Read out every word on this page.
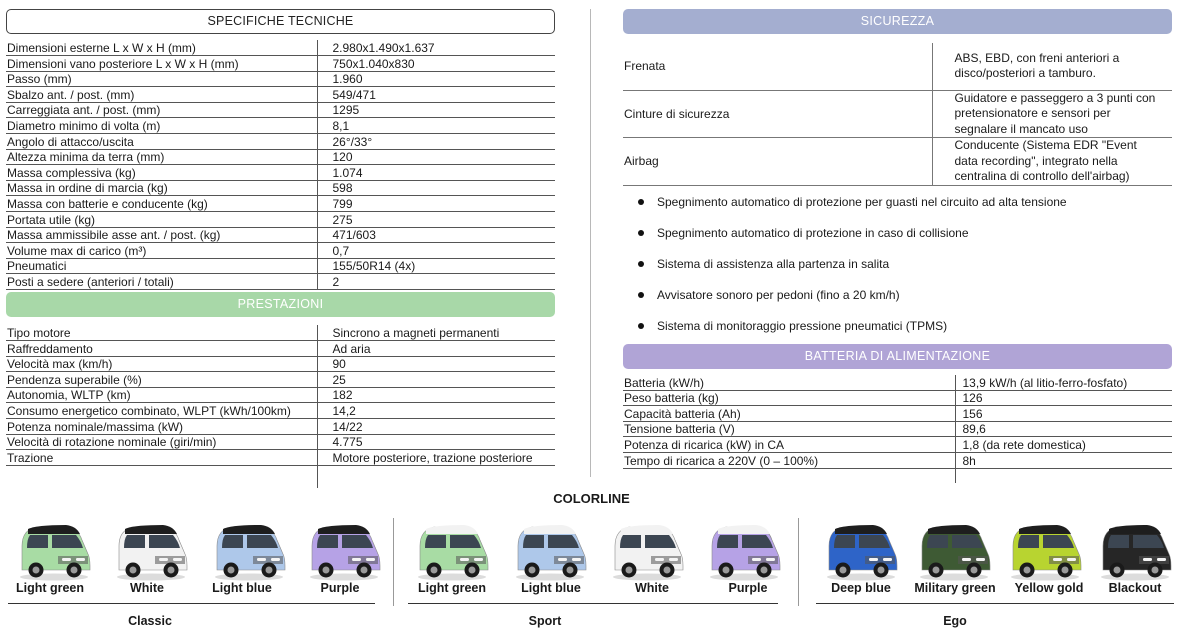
SPECIFICHE TECNICHE
Dimensioni esterne L x W x H (mm)	2.980x1.490x1.637
Dimensioni vano posteriore L x W x H (mm)	750x1.040x830
Passo (mm)	1.960
Sbalzo ant. / post. (mm)	549/471
Carreggiata ant. / post. (mm)	1295
Diametro minimo di volta (m)	8,1
Angolo di attacco/uscita	26°/33°
Altezza minima da terra (mm)	120
Massa complessiva (kg)	1.074
Massa in ordine di marcia (kg)	598
Massa con batterie e conducente (kg)	799
Portata utile (kg)	275
Massa ammissibile asse ant. / post. (kg)	471/603
Volume max di carico (m³)	0,7
Pneumatici	155/50R14 (4x)
Posti a sedere (anteriori / totali)	2
PRESTAZIONI
Tipo motore	Sincrono a magneti permanenti
Raffreddamento	Ad aria
Velocità max (km/h)	90
Pendenza superabile (%)	25
Autonomia, WLTP (km)	182
Consumo energetico combinato, WLPT (kWh/100km)	14,2
Potenza nominale/massima (kW)	14/22
Velocità di rotazione nominale (giri/min)	4.775
Trazione	Motore posteriore, trazione posteriore
SICUREZZA
Frenata	ABS, EBD, con freni anteriori a
disco/posteriori a tamburo.

Cinture di sicurezza	Guidatore e passeggero a 3 punti con
pretensionatore e sensori per
segnalare il mancato uso

Airbag	Conducente (Sistema EDR "Event
data recording", integrato nella
centralina di controllo dell'airbag)
Spegnimento automatico di protezione per guasti nel circuito ad alta tensione
Spegnimento automatico di protezione in caso di collisione
Sistema di assistenza alla partenza in salita
Avvisatore sonoro per pedoni (fino a 20 km/h)
Sistema di monitoraggio pressione pneumatici (TPMS)
BATTERIA DI ALIMENTAZIONE
Batteria (kW/h)	13,9 kW/h (al litio-ferro-fosfato)
Peso batteria (kg)	126
Capacità batteria (Ah)	156
Tensione batteria (V)	89,6
Potenza di ricarica (kW) in CA	1,8 (da rete domestica)
Tempo di ricarica a 220V (0 – 100%)	8h
COLORLINE
Light green	White	Light blue	Purple
Classic
Light green	Light blue	White	Purple
Sport
Deep blue	Military green	Yellow gold	Blackout
Ego
